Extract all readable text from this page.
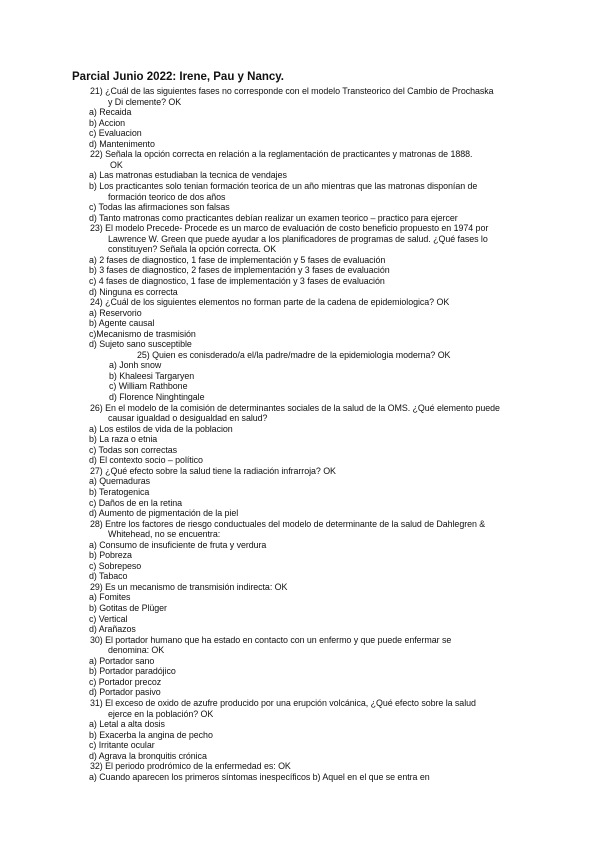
Parcial Junio 2022: Irene, Pau y Nancy.
21) ¿Cuál de las siguientes fases no corresponde con el modelo Transteorico del Cambio de Prochaska
y Di clemente? OK
a) Recaida
b) Accion
c) Evaluacion
d) Mantenimento
22) Señala la opción correcta en relación a la reglamentación de practicantes y matronas de 1888.
OK
a) Las matronas estudiaban la tecnica de vendajes
b) Los practicantes solo tenian formación teorica de un año mientras que las matronas disponían de
formación teorico de dos años
c) Todas las afirmaciones son falsas
d) Tanto matronas como practicantes debían realizar un examen teorico – practico para ejercer
23) El modelo Precede- Procede es un marco de evaluación de costo beneficio propuesto en 1974 por
Lawrence W. Green que puede ayudar a los planificadores de programas de salud. ¿Qué fases lo
constituyen? Señala la opción correcta. OK
a) 2 fases de diagnostico, 1 fase de implementación y 5 fases de evaluación
b) 3 fases de diagnostico, 2 fases de implementación y 3 fases de evaluación
c) 4 fases de diagnostico, 1 fase de implementación y 3 fases de evaluación
d) Ninguna es correcta
24) ¿Cuál de los siguientes elementos no forman parte de la cadena de epidemiologica? OK
a) Reservorio
b) Agente causal
c)Mecanismo de trasmisión
d) Sujeto sano susceptible
25) Quien es conisderado/a el/la padre/madre de la epidemiologia moderna? OK
a) Jonh snow
b) Khaleesi Targaryen
c) William Rathbone
d) Florence Ninghtingale
26) En el modelo de la comisión de determinantes sociales de la salud de la OMS. ¿Qué elemento puede
causar igualdad o desigualdad en salud?
a) Los estilos de vida de la poblacion
b) La raza o etnia
c) Todas son correctas
d) El contexto socio – político
27) ¿Qué efecto sobre la salud tiene la radiación infrarroja? OK
a) Quemaduras
b) Teratogenica
c) Daños de en la retina
d) Aumento de pigmentación de la piel
28) Entre los factores de riesgo conductuales del modelo de determinante de la salud de Dahlegren &
Whitehead, no se encuentra:
a) Consumo de insuficiente de fruta y verdura
b) Pobreza
c) Sobrepeso
d) Tabaco
29) Es un mecanismo de transmisión indirecta: OK
a) Fomites
b) Gotitas de Plüger
c) Vertical
d) Arañazos
30) El portador humano que ha estado en contacto con un enfermo y que puede enfermar se
denomina: OK
a) Portador sano
b) Portador paradójico
c) Portador precoz
d) Portador pasivo
31) El exceso de oxido de azufre producido por una erupción volcánica, ¿Qué efecto sobre la salud
ejerce en la población? OK
a) Letal a alta dosis
b) Exacerba la angina de pecho
c) Irritante ocular
d) Agrava la bronquitis crónica
32) El periodo prodrómico de la enfermedad es: OK
a) Cuando aparecen los primeros síntomas inespecíficos b) Aquel en el que se entra en
